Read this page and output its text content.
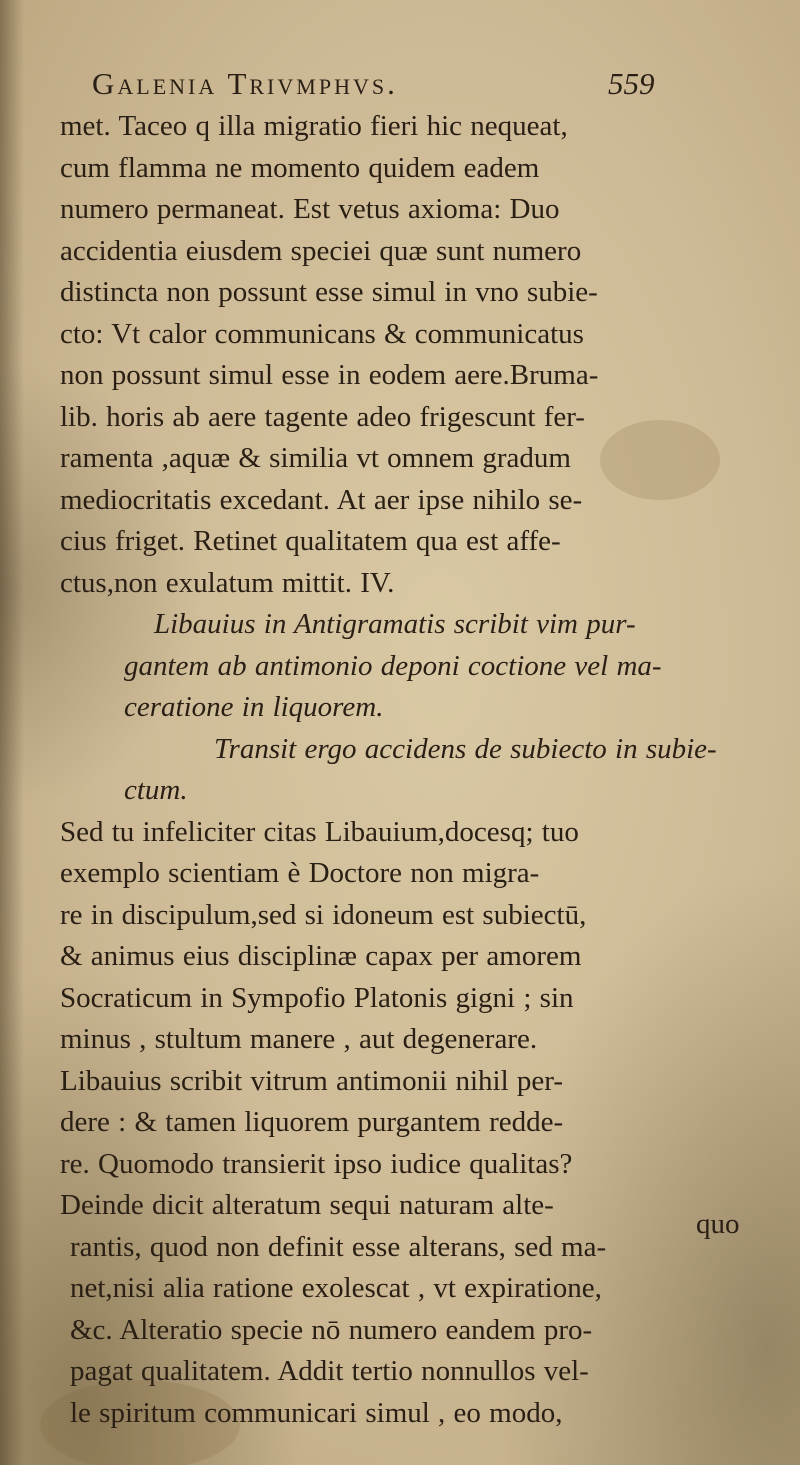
Galenia Trivmphvs.	559
met. Taceo q illa migratio fieri hic nequeat,
cum flamma ne momento quidem eadem
numero permaneat. Est vetus axioma: Duo
accidentia eiusdem speciei quæ sunt numero
distincta non possunt esse simul in vno subie-
cto: Vt calor communicans & communicatus
non possunt simul esse in eodem aere.Bruma-
lib. horis ab aere tagente adeo frigescunt fer-
ramenta ,aquæ & similia vt omnem gradum
mediocritatis excedant. At aer ipse nihilo se-
cius friget. Retinet qualitatem qua est affe-
ctus,non exulatum mittit. IV.
Libauius in Antigramatis scribit vim pur-
gantem ab antimonio deponi coctione vel ma-
ceratione in liquorem.
Transit ergo accidens de subiecto in subie-
ctum.
Sed tu infeliciter citas Libauium,docesq; tuo
exemplo scientiam è Doctore non migra-
re in discipulum,sed si idoneum est subiectū,
& animus eius disciplinæ capax per amorem
Socraticum in Sympofio Platonis gigni ; sin
minus , stultum manere , aut degenerare.
Libauius scribit vitrum antimonii nihil per-
dere : & tamen liquorem purgantem redde-
re. Quomodo transierit ipso iudice qualitas?
Deinde dicit alteratum sequi naturam alte-
rantis, quod non definit esse alterans, sed ma-
net,nisi alia ratione exolescat , vt expiratione,
&c. Alteratio specie nō numero eandem pro-
pagat qualitatem. Addit tertio nonnullos vel-
le spiritum communicari simul , eo modo,
quo
